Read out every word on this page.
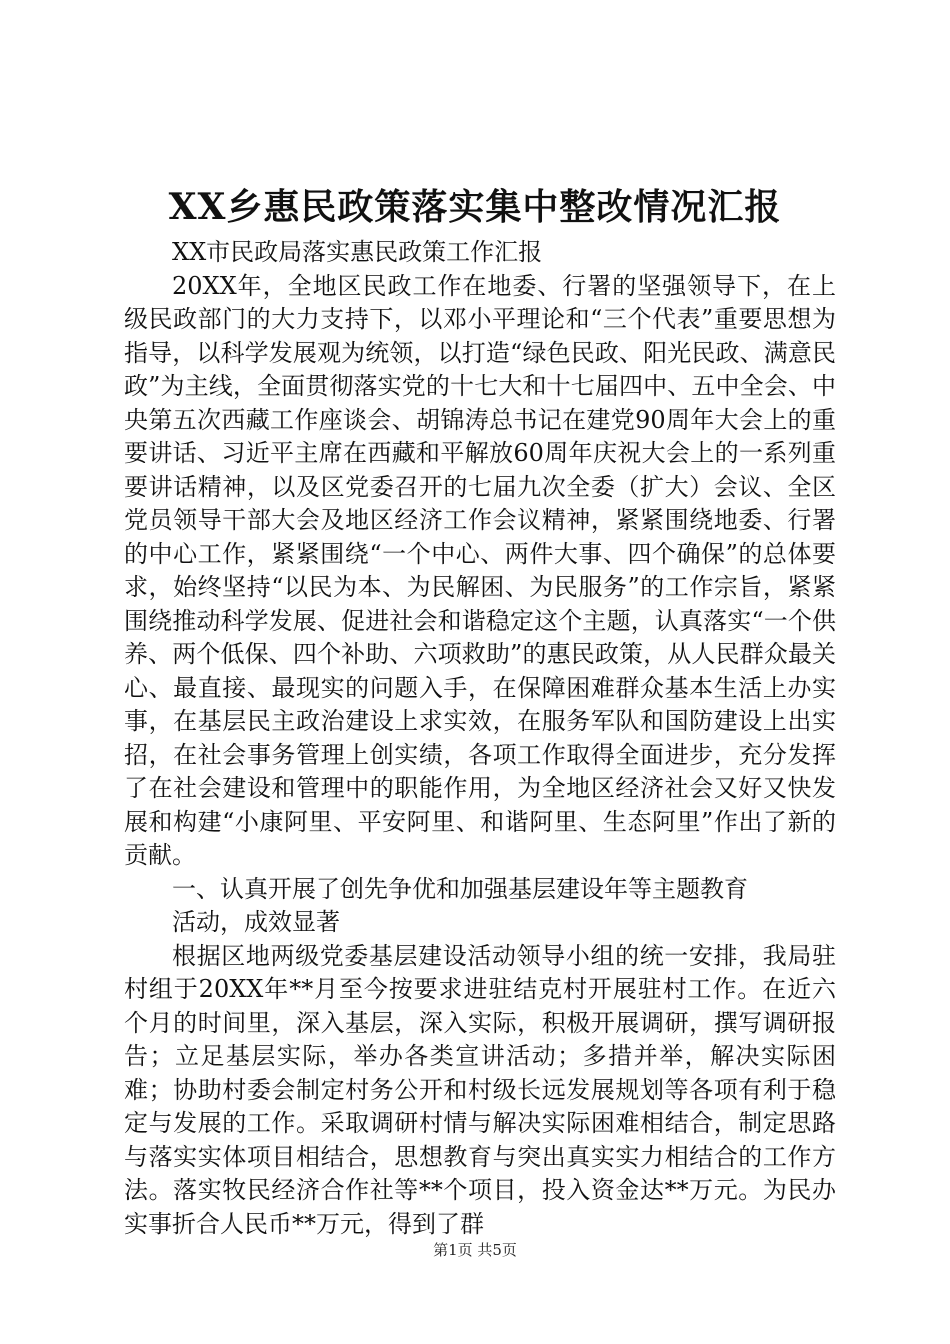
XX乡惠民政策落实集中整改情况汇报

XX市民政局落实惠民政策工作汇报

20XX年，全地区民政工作在地委、行署的坚强领导下，在上级民政部门的大力支持下，以邓小平理论和“三个代表”重要思想为指导，以科学发展观为统领，以打造“绿色民政、阳光民政、满意民政”为主线，全面贯彻落实党的十七大和十七届四中、五中全会、中央第五次西藏工作座谈会、胡锦涛总书记在建党90周年大会上的重要讲话、习近平主席在西藏和平解放60周年庆祝大会上的一系列重要讲话精神，以及区党委召开的七届九次全委（扩大）会议、全区党员领导干部大会及地区经济工作会议精神，紧紧围绕地委、行署的中心工作，紧紧围绕“一个中心、两件大事、四个确保”的总体要求，始终坚持“以民为本、为民解困、为民服务”的工作宗旨，紧紧围绕推动科学发展、促进社会和谐稳定这个主题，认真落实“一个供养、两个低保、四个补助、六项救助”的惠民政策，从人民群众最关心、最直接、最现实的问题入手，在保障困难群众基本生活上办实事，在基层民主政治建设上求实效，在服务军队和国防建设上出实招，在社会事务管理上创实绩，各项工作取得全面进步，充分发挥了在社会建设和管理中的职能作用，为全地区经济社会又好又快发展和构建“小康阿里、平安阿里、和谐阿里、生态阿里”作出了新的贡献。

一、认真开展了创先争优和加强基层建设年等主题教育

活动，成效显著

根据区地两级党委基层建设活动领导小组的统一安排，我局驻村组于20XX年**月至今按要求进驻结克村开展驻村工作。在近六个月的时间里，深入基层，深入实际，积极开展调研，撰写调研报告；立足基层实际，举办各类宣讲活动；多措并举，解决实际困难；协助村委会制定村务公开和村级长远发展规划等各项有利于稳定与发展的工作。采取调研村情与解决实际困难相结合，制定思路与落实实体项目相结合，思想教育与突出真实实力相结合的工作方法。落实牧民经济合作社等**个项目，投入资金达**万元。为民办实事折合人民币**万元，得到了群

第1页 共5页
